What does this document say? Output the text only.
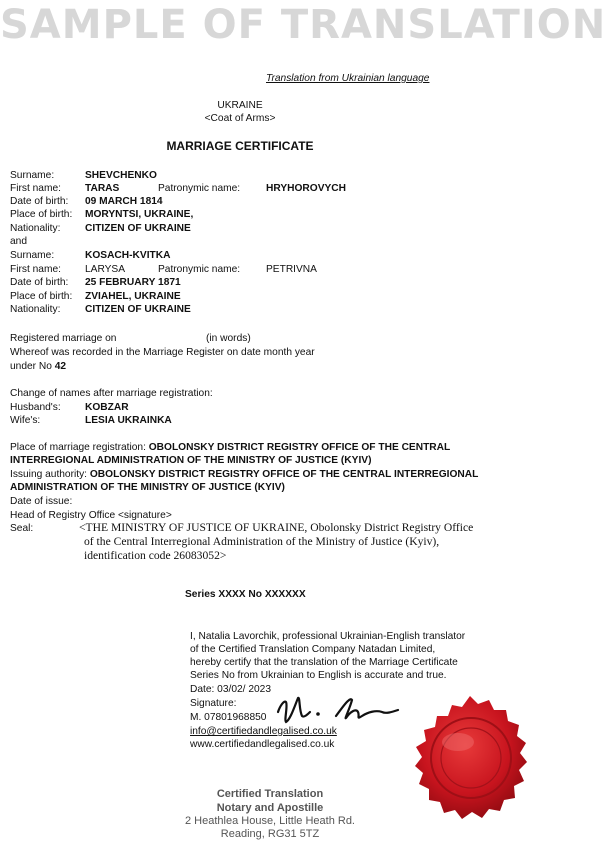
SAMPLE OF TRANSLATION
Translation from Ukrainian language
UKRAINE
<Coat of Arms>
MARRIAGE CERTIFICATE
Surname:	SHEVCHENKO
First name: TARAS	Patronymic name:	HRYHOROVYCH
Date of birth: 09 MARCH 1814
Place of birth: MORYNTSI, UKRAINE,
Nationality: CITIZEN OF UKRAINE
and
Surname:	KOSACH-KVITKA
First name: LARYSA	Patronymic name:	PETRIVNA
Date of birth: 25 FEBRUARY 1871
Place of birth: ZVIAHEL, UKRAINE
Nationality: CITIZEN OF UKRAINE
Registered marriage on	(in words)
Whereof was recorded in the Marriage Register on date month year
under No 42
Change of names after marriage registration:
Husband's: KOBZAR
Wife's:	LESIA UKRAINKA
Place of marriage registration: OBOLONSKY DISTRICT REGISTRY OFFICE OF THE CENTRAL
INTERREGIONAL ADMINISTRATION OF THE MINISTRY OF JUSTICE (KYIV)
Issuing authority: OBOLONSKY DISTRICT REGISTRY OFFICE OF THE CENTRAL INTERREGIONAL
ADMINISTRATION OF THE MINISTRY OF JUSTICE (KYIV)
Date of issue:
Head of Registry Office <signature>
Seal:	<THE MINISTRY OF JUSTICE OF UKRAINE, Obolonsky District Registry Office
of the Central Interregional Administration of the Ministry of Justice (Kyiv),
identification code 26083052>
Series XXXX No XXXXXX
I, Natalia Lavorchik, professional Ukrainian-English translator
of the Certified Translation Company Natadan Limited,
hereby certify that the translation of the Marriage Certificate
Series No from Ukrainian to English is accurate and true.
Date: 03/02/ 2023
Signature:
M. 07801968850
info@certifiedandlegalised.co.uk
www.certifiedandlegalised.co.uk
Certified Translation
Notary and Apostille
2 Heathlea House, Little Heath Rd.
Reading, RG31 5TZ
